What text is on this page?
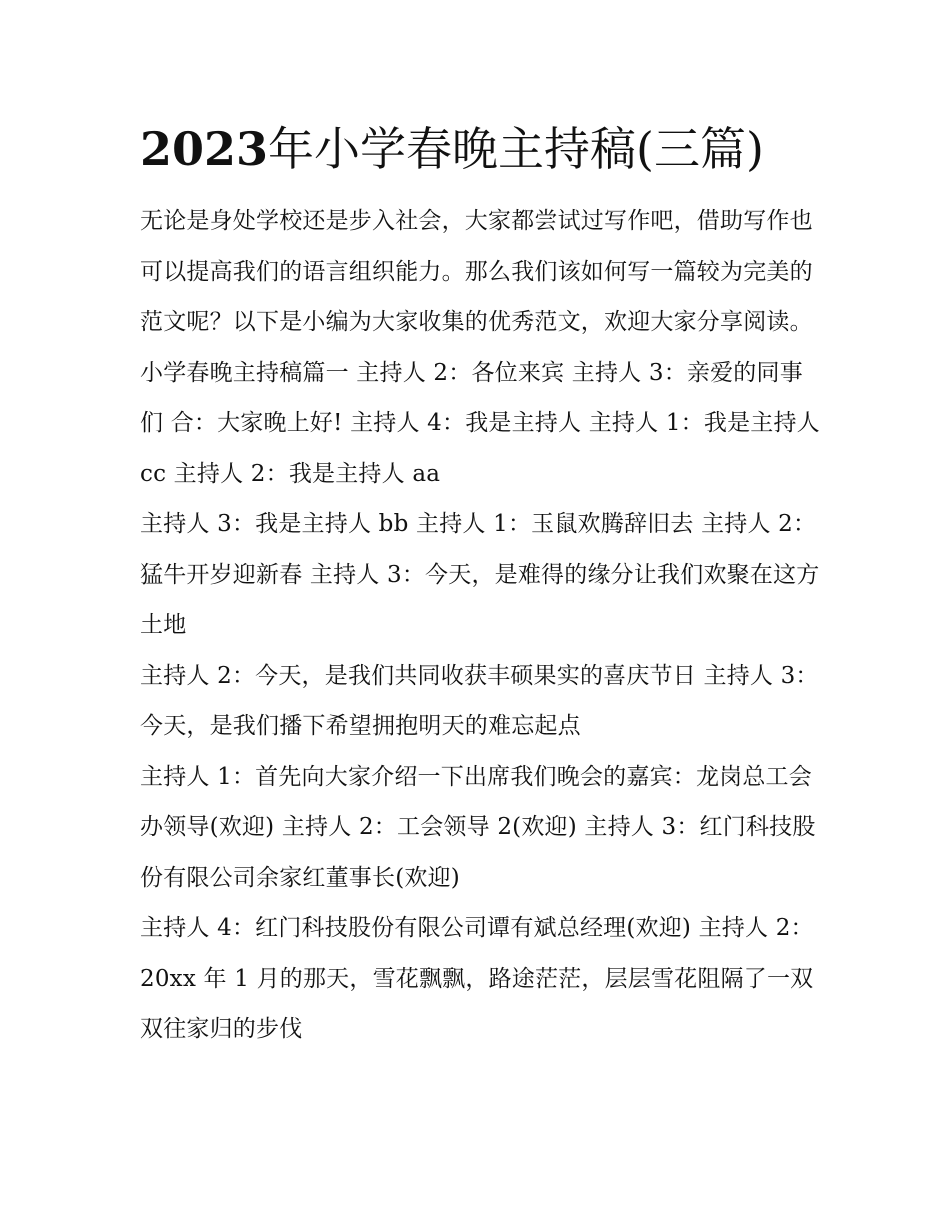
2023年小学春晚主持稿(三篇)

无论是身处学校还是步入社会，大家都尝试过写作吧，借助写作也可以提高我们的语言组织能力。那么我们该如何写一篇较为完美的范文呢？以下是小编为大家收集的优秀范文，欢迎大家分享阅读。

小学春晚主持稿篇一 主持人 2：各位来宾 主持人 3：亲爱的同事们 合：大家晚上好! 主持人 4：我是主持人 主持人 1：我是主持人 cc 主持人 2：我是主持人 aa

主持人 3：我是主持人 bb 主持人 1：玉鼠欢腾辞旧去 主持人 2：猛牛开岁迎新春 主持人 3：今天，是难得的缘分让我们欢聚在这方土地

主持人 2：今天，是我们共同收获丰硕果实的喜庆节日 主持人 3：今天，是我们播下希望拥抱明天的难忘起点

主持人 1：首先向大家介绍一下出席我们晚会的嘉宾：龙岗总工会办领导(欢迎) 主持人 2：工会领导 2(欢迎) 主持人 3：红门科技股份有限公司余家红董事长(欢迎)

主持人 4：红门科技股份有限公司谭有斌总经理(欢迎) 主持人 2：20xx 年 1 月的那天，雪花飘飘，路途茫茫，层层雪花阻隔了一双双往家归的步伐
